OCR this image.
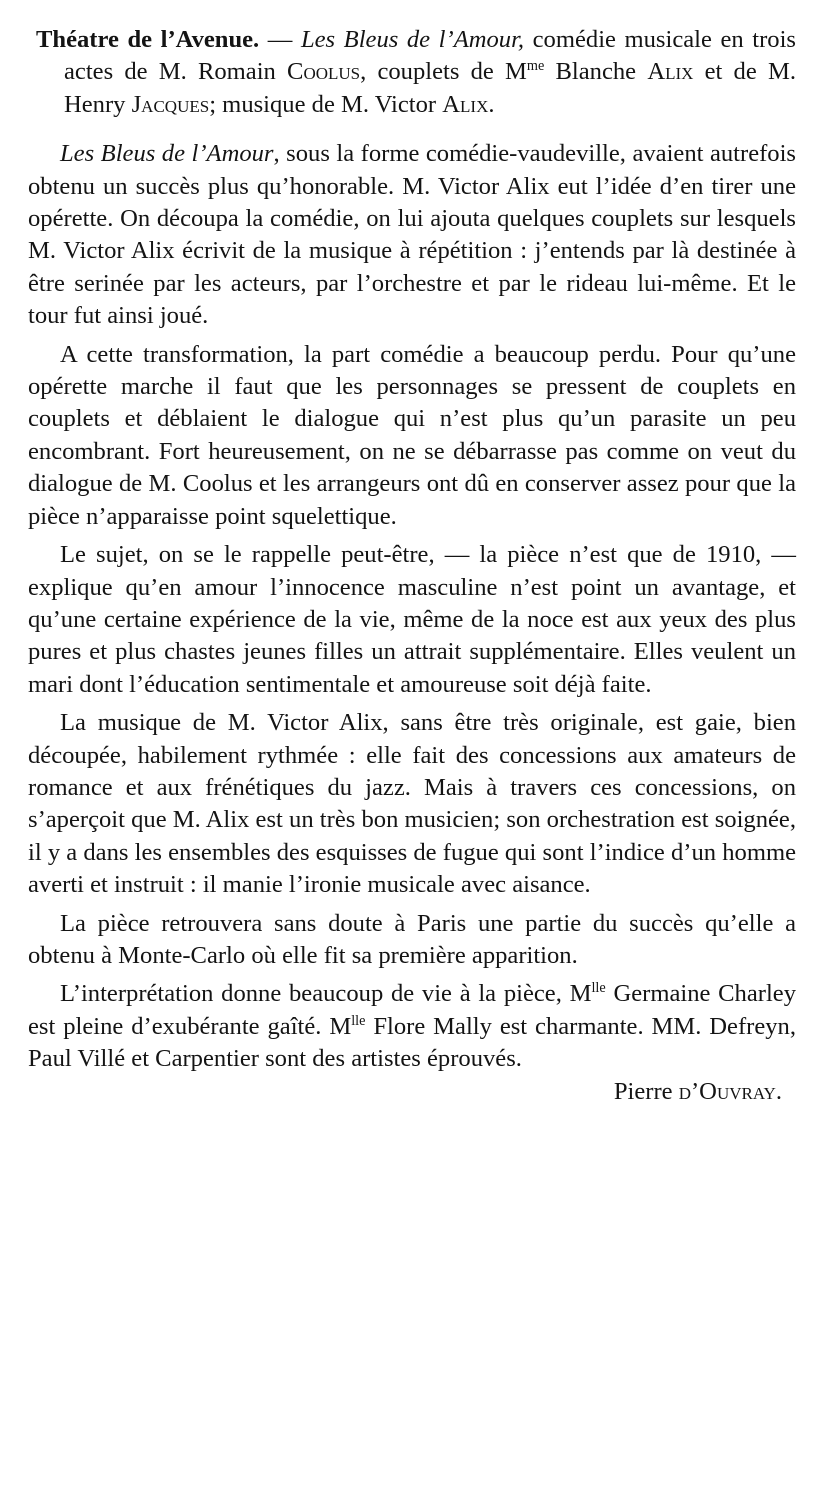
Théatre de l’Avenue. — Les Bleus de l’Amour, comédie musicale en trois actes de M. Romain Coolus, couplets de $M^{me}$ Blanche Alix et de M. Henry Jacques; musique de M. Victor Alix.

Les Bleus de l’Amour, sous la forme comédie-vaudeville, avaient autrefois obtenu un succès plus qu’honorable. M. Victor Alix eut l’idée d’en tirer une opérette. On découpa la comédie, on lui ajouta quelques couplets sur lesquels M. Victor Alix écrivit de la musique à répétition : j’entends par là destinée à être serinée par les acteurs, par l’orchestre et par le rideau lui-même. Et le tour fut ainsi joué.

A cette transformation, la part comédie a beaucoup perdu. Pour qu’une opérette marche il faut que les personnages se pressent de couplets en couplets et déblaient le dialogue qui n’est plus qu’un parasite un peu encombrant. Fort heureusement, on ne se débarrasse pas comme on veut du dialogue de M. Coolus et les arrangeurs ont dû en conserver assez pour que la pièce n’apparaisse point squelettique.

Le sujet, on se le rappelle peut-être, — la pièce n’est que de 1910, — explique qu’en amour l’innocence masculine n’est point un avantage, et qu’une certaine expérience de la vie, même de la noce est aux yeux des plus pures et plus chastes jeunes filles un attrait supplémentaire. Elles veulent un mari dont l’éducation sentimentale et amoureuse soit déjà faite.

La musique de M. Victor Alix, sans être très originale, est gaie, bien découpée, habilement rythmée : elle fait des concessions aux amateurs de romance et aux frénétiques du jazz. Mais à travers ces concessions, on s’aperçoit que M. Alix est un très bon musicien; son orchestration est soignée, il y a dans les ensembles des esquisses de fugue qui sont l’indice d’un homme averti et instruit : il manie l’ironie musicale avec aisance.

La pièce retrouvera sans doute à Paris une partie du succès qu’elle a obtenu à Monte-Carlo où elle fit sa première apparition.

L’interprétation donne beaucoup de vie à la pièce, $M^{lle}$ Germaine Charley est pleine d’exubérante gaîté. $M^{lle}$ Flore Mally est charmante. MM. Defreyn, Paul Villé et Carpentier sont des artistes éprouvés.

Pierre d’Ouvray.
